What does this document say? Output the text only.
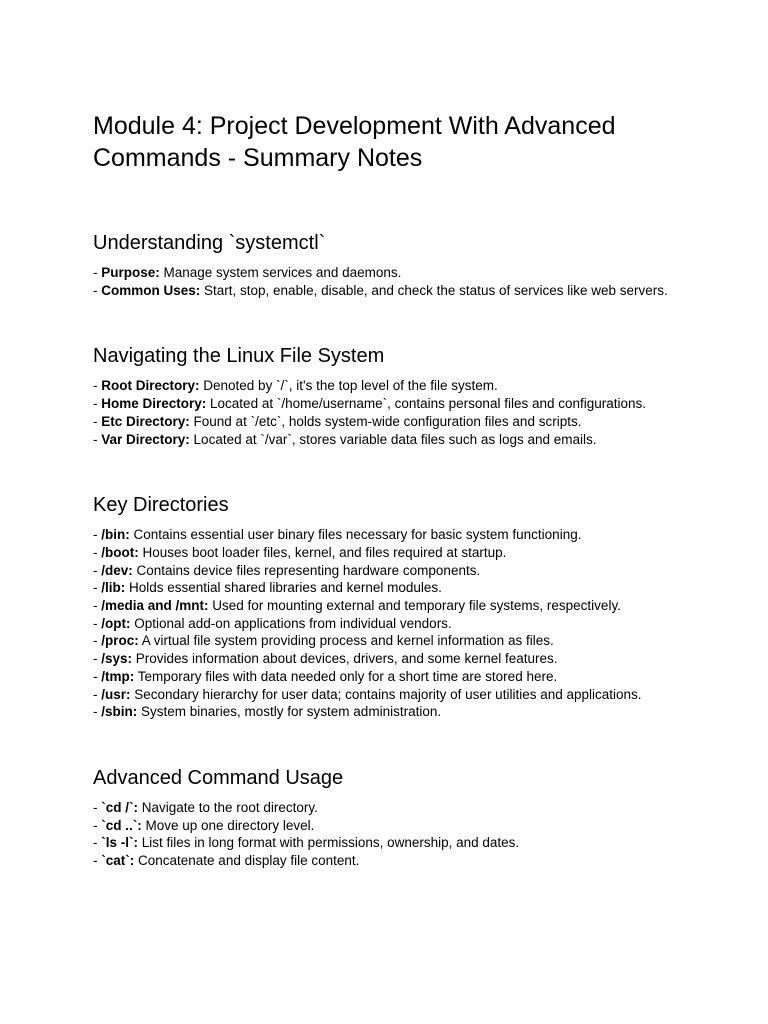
Module 4: Project Development With Advanced Commands - Summary Notes
Understanding `systemctl`
- Purpose: Manage system services and daemons.
- Common Uses: Start, stop, enable, disable, and check the status of services like web servers.
Navigating the Linux File System
- Root Directory: Denoted by `/`, it's the top level of the file system.
- Home Directory: Located at `/home/username`, contains personal files and configurations.
- Etc Directory: Found at `/etc`, holds system-wide configuration files and scripts.
- Var Directory: Located at `/var`, stores variable data files such as logs and emails.
Key Directories
- /bin: Contains essential user binary files necessary for basic system functioning.
- /boot: Houses boot loader files, kernel, and files required at startup.
- /dev: Contains device files representing hardware components.
- /lib: Holds essential shared libraries and kernel modules.
- /media and /mnt: Used for mounting external and temporary file systems, respectively.
- /opt: Optional add-on applications from individual vendors.
- /proc: A virtual file system providing process and kernel information as files.
- /sys: Provides information about devices, drivers, and some kernel features.
- /tmp: Temporary files with data needed only for a short time are stored here.
- /usr: Secondary hierarchy for user data; contains majority of user utilities and applications.
- /sbin: System binaries, mostly for system administration.
Advanced Command Usage
- `cd /`: Navigate to the root directory.
- `cd ..`: Move up one directory level.
- `ls -l`: List files in long format with permissions, ownership, and dates.
- `cat`: Concatenate and display file content.
